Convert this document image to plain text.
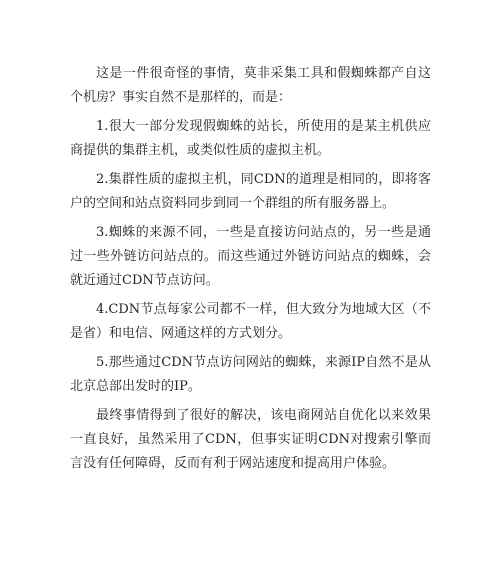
这是一件很奇怪的事情，莫非采集工具和假蜘蛛都产自这个机房？事实自然不是那样的，而是：

1.很大一部分发现假蜘蛛的站长，所使用的是某主机供应商提供的集群主机，或类似性质的虚拟主机。

2.集群性质的虚拟主机，同CDN的道理是相同的，即将客户的空间和站点资料同步到同一个群组的所有服务器上。

3.蜘蛛的来源不同，一些是直接访问站点的，另一些是通过一些外链访问站点的。而这些通过外链访问站点的蜘蛛，会就近通过CDN节点访问。

4.CDN节点每家公司都不一样，但大致分为地域大区（不是省）和电信、网通这样的方式划分。

5.那些通过CDN节点访问网站的蜘蛛，来源IP自然不是从北京总部出发时的IP。

最终事情得到了很好的解决，该电商网站自优化以来效果一直良好，虽然采用了CDN，但事实证明CDN对搜索引擎而言没有任何障碍，反而有利于网站速度和提高用户体验。
